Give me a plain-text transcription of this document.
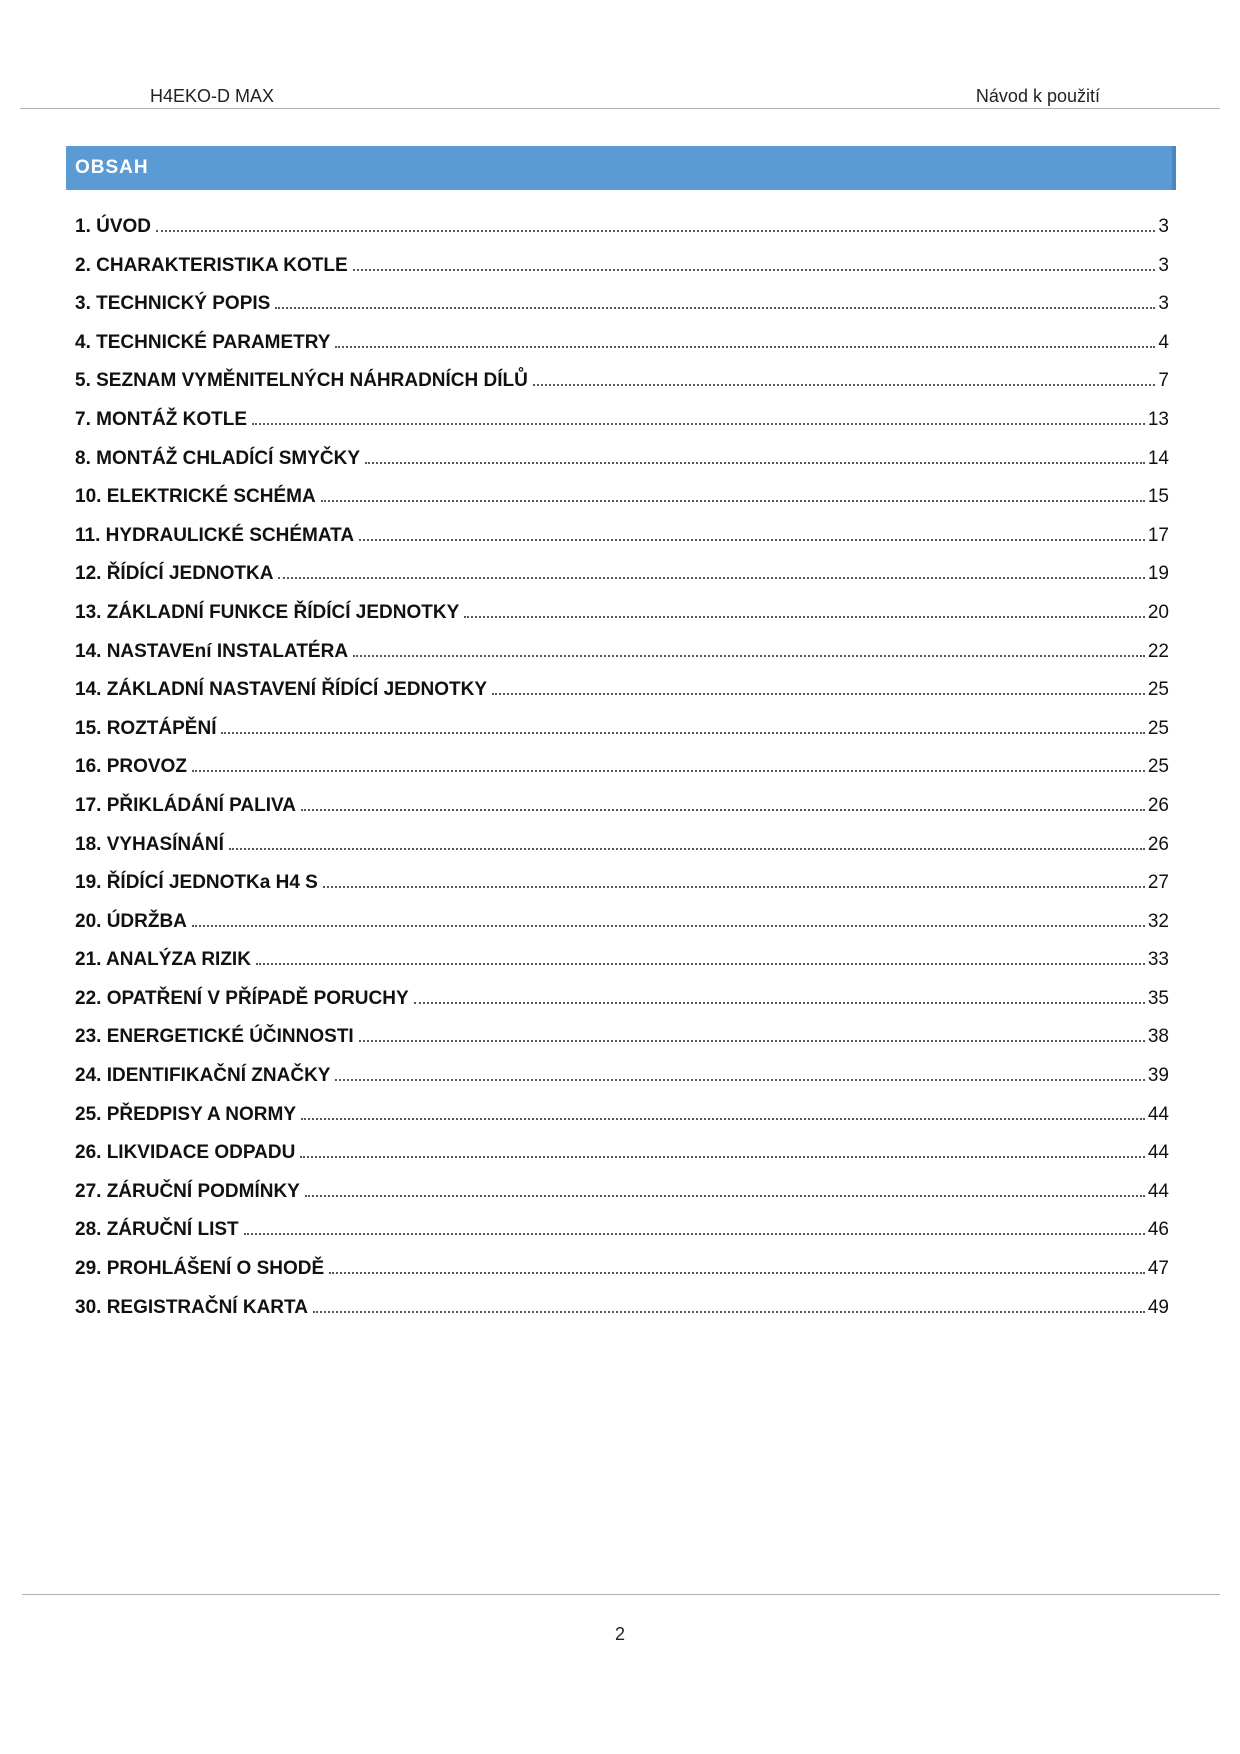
H4EKO-D MAX	Návod k použití
OBSAH
1. ÚVOD	3
2. CHARAKTERISTIKA KOTLE	3
3. TECHNICKÝ POPIS	3
4. TECHNICKÉ PARAMETRY	4
5. SEZNAM VYMĚNITELNÝCH NÁHRADNÍCH DÍLŮ	7
7. MONTÁŽ KOTLE	13
8. MONTÁŽ CHLADÍCÍ SMYČKY	14
10. ELEKTRICKÉ SCHÉMA	15
11. HYDRAULICKÉ SCHÉMATA	17
12. ŘÍDÍCÍ JEDNOTKA	19
13. ZÁKLADNÍ FUNKCE ŘÍDÍCÍ JEDNOTKY	20
14. NASTAVEní INSTALATÉRA	22
14. ZÁKLADNÍ NASTAVENÍ ŘÍDÍCÍ JEDNOTKY	25
15. ROZTÁPĚNÍ	25
16. PROVOZ	25
17. PŘIKLÁDÁNÍ PALIVA	26
18. VYHASÍNÁNÍ	26
19. ŘÍDÍCÍ JEDNOTKa H4 S	27
20. ÚDRŽBA	32
21. ANALÝZA RIZIK	33
22. OPATŘENÍ V PŘÍPADĚ PORUCHY	35
23. ENERGETICKÉ ÚČINNOSTI	38
24. IDENTIFIKAČNÍ ZNAČKY	39
25. PŘEDPISY A NORMY	44
26. LIKVIDACE ODPADU	44
27. ZÁRUČNÍ PODMÍNKY	44
28. ZÁRUČNÍ LIST	46
29. PROHLÁŠENÍ O SHODĚ	47
30. REGISTRAČNÍ KARTA	49
2
